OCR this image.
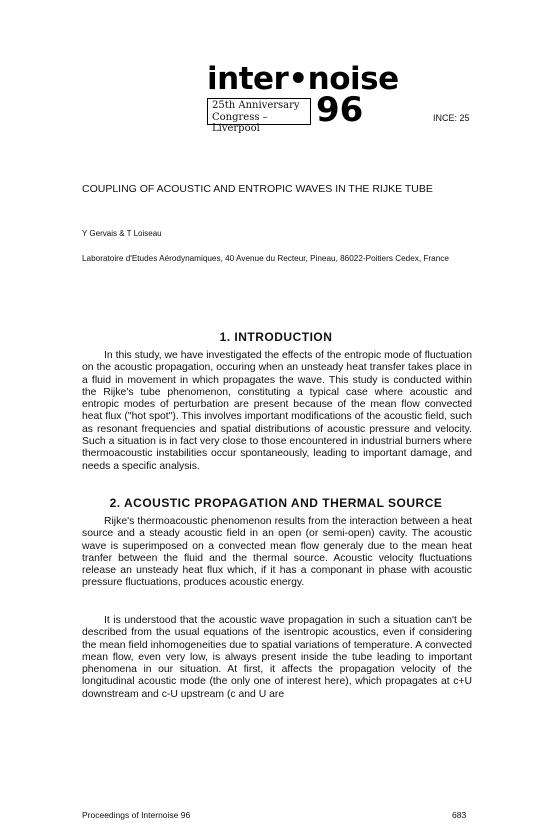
inter•noise
25th Anniversary
Congress – Liverpool	96	INCE: 25
COUPLING OF ACOUSTIC AND ENTROPIC WAVES IN THE RIJKE TUBE
Y Gervais & T Loiseau
Laboratoire d'Etudes Aérodynamiques, 40 Avenue du Recteur, Pineau, 86022-Poitiers Cedex, France
1. INTRODUCTION
In this study, we have investigated the effects of the entropic mode of fluctuation on the acoustic propagation, occuring when an unsteady heat transfer takes place in a fluid in movement in which propagates the wave. This study is conducted within the Rijke's tube phenomenon, constituting a typical case where acoustic and entropic modes of perturbation are present because of the mean flow convected heat flux ("hot spot"). This involves important modifications of the acoustic field, such as resonant frequencies and spatial distributions of acoustic pressure and velocity. Such a situation is in fact very close to those encountered in industrial burners where thermoacoustic instabilities occur spontaneously, leading to important damage, and needs a specific analysis.
2. ACOUSTIC PROPAGATION AND THERMAL SOURCE
Rijke's thermoacoustic phenomenon results from the interaction between a heat source and a steady acoustic field in an open (or semi-open) cavity. The acoustic wave is superimposed on a convected mean flow generaly due to the mean heat tranfer between the fluid and the thermal source. Acoustic velocity fluctuations release an unsteady heat flux which, if it has a componant in phase with acoustic pressure fluctuations, produces acoustic energy.
It is understood that the acoustic wave propagation in such a situation can't be described from the usual equations of the isentropic acoustics, even if considering the mean field inhomogeneities due to spatial variations of temperature. A convected mean flow, even very low, is always present inside the tube leading to important phenomena in our situation. At first, it affects the propagation velocity of the longitudinal acoustic mode (the only one of interest here), which propagates at c+U downstream and c-U upstream (c and U are
Proceedings of Internoise 96	683
